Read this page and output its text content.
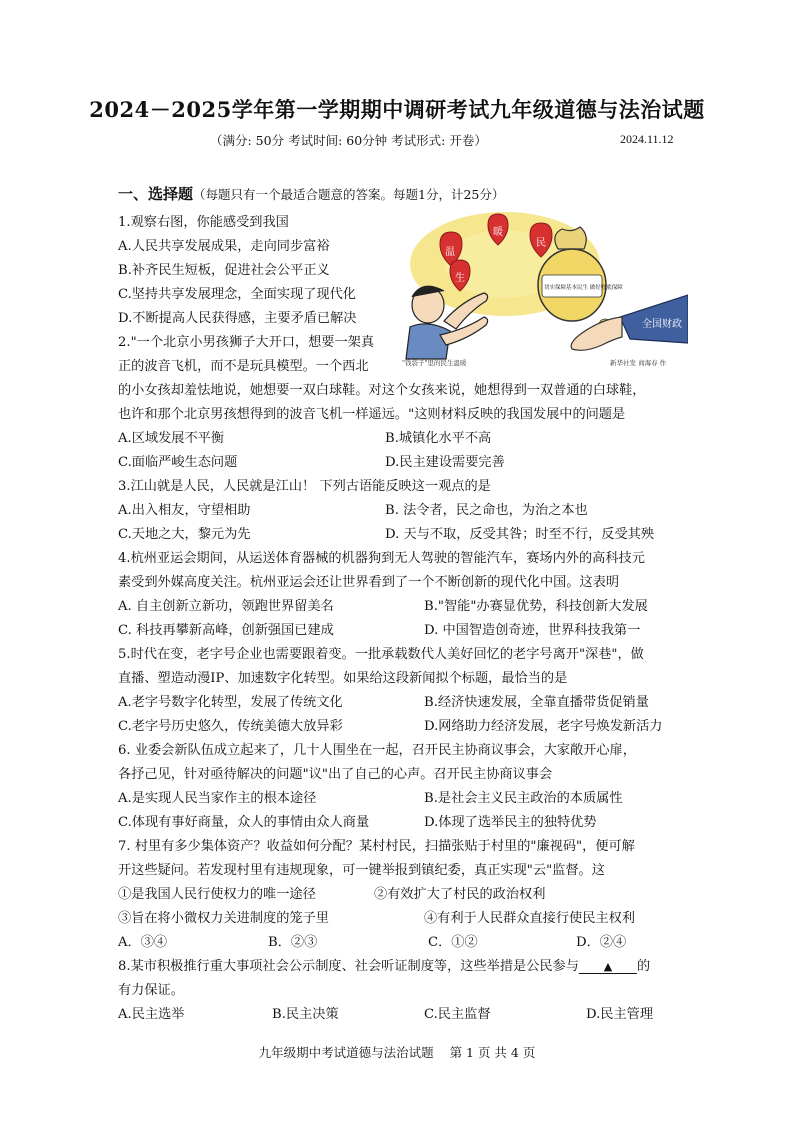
2024－2025学年第一学期期中调研考试九年级道德与法治试题
（满分: 50分 考试时间: 60分钟 考试形式: 开卷）	2024.11.12
一、选择题（每题只有一个最适合题意的答案。每题1分，计25分）
温
暖
民
生
切实保障基本民生 做好兜底保障
全国财政
"钱袋子"里的民生温暖	新华社发 商海春 作
1.观察右图，你能感受到我国
A.人民共享发展成果，走向同步富裕
B.补齐民生短板，促进社会公平正义
C.坚持共享发展理念，全面实现了现代化
D.不断提高人民获得感，主要矛盾已解决
2."一个北京小男孩狮子大开口，想要一架真
正的波音飞机，而不是玩具模型。一个西北
的小女孩却羞怯地说，她想要一双白球鞋。对这个女孩来说，她想得到一双普通的白球鞋，
也许和那个北京男孩想得到的波音飞机一样遥远。"这则材料反映的我国发展中的问题是
A.区域发展不平衡	B.城镇化水平不高
C.面临严峻生态问题	D.民主建设需要完善
3.江山就是人民，人民就是江山！ 下列古语能反映这一观点的是
A.出入相友，守望相助	B. 法令者，民之命也，为治之本也
C.天地之大，黎元为先	D. 天与不取，反受其咎；时至不行，反受其殃
4.杭州亚运会期间，从运送体育器械的机器狗到无人驾驶的智能汽车，赛场内外的高科技元
素受到外媒高度关注。杭州亚运会还让世界看到了一个不断创新的现代化中国。这表明
A. 自主创新立新功，领跑世界留美名	B."智能"办赛显优势，科技创新大发展
C. 科技再攀新高峰，创新强国已建成	D. 中国智造创奇迹，世界科技我第一
5.时代在变，老字号企业也需要跟着变。一批承载数代人美好回忆的老字号离开"深巷"，做
直播、塑造动漫IP、加速数字化转型。如果给这段新闻拟个标题，最恰当的是
A.老字号数字化转型，发展了传统文化	B.经济快速发展，全靠直播带货促销量
C.老字号历史悠久，传统美德大放异彩	D.网络助力经济发展，老字号焕发新活力
6. 业委会新队伍成立起来了，几十人围坐在一起，召开民主协商议事会，大家敞开心扉，
各抒己见，针对亟待解决的问题"议"出了自己的心声。召开民主协商议事会
A.是实现人民当家作主的根本途径	B.是社会主义民主政治的本质属性
C.体现有事好商量，众人的事情由众人商量	D.体现了选举民主的独特优势
7. 村里有多少集体资产？收益如何分配？某村村民，扫描张贴于村里的"廉视码"，便可解
开这些疑问。若发现村里有违规现象，可一键举报到镇纪委，真正实现"云"监督。这
①是我国人民行使权力的唯一途径	②有效扩大了村民的政治权利
③旨在将小微权力关进制度的笼子里	④有利于人民群众直接行使民主权利
A．③④	B．②③	C．①②	D．②④
8.某市积极推行重大事项社会公示制度、社会听证制度等，这些举措是公民参与 ▲ 的
有力保证。
A.民主选举	B.民主决策	C.民主监督	D.民主管理
九年级期中考试道德与法治试题 第 1 页 共 4 页
